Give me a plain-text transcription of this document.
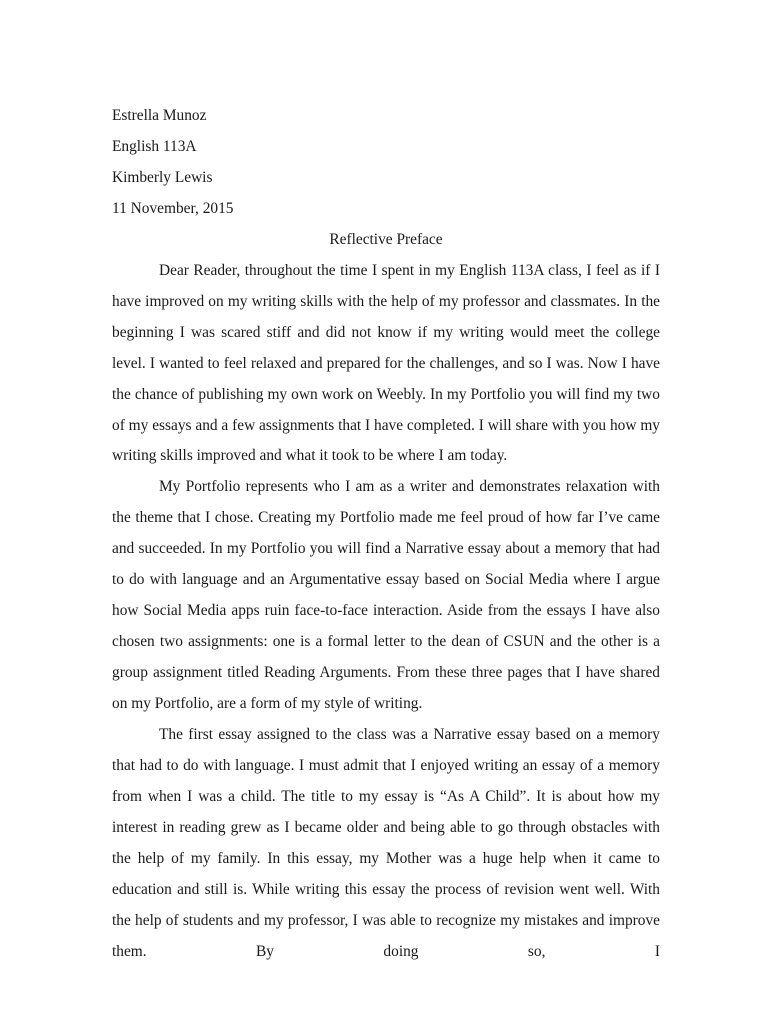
Estrella Munoz

English 113A

Kimberly Lewis

11 November, 2015

Reflective Preface

Dear Reader, throughout the time I spent in my English 113A class, I feel as if I have improved on my writing skills with the help of my professor and classmates. In the beginning I was scared stiff and did not know if my writing would meet the college level. I wanted to feel relaxed and prepared for the challenges, and so I was. Now I have the chance of publishing my own work on Weebly. In my Portfolio you will find my two of my essays and a few assignments that I have completed. I will share with you how my writing skills improved and what it took to be where I am today.

My Portfolio represents who I am as a writer and demonstrates relaxation with the theme that I chose. Creating my Portfolio made me feel proud of how far I’ve came and succeeded. In my Portfolio you will find a Narrative essay about a memory that had to do with language and an Argumentative essay based on Social Media where I argue how Social Media apps ruin face-to-face interaction. Aside from the essays I have also chosen two assignments: one is a formal letter to the dean of CSUN and the other is a group assignment titled Reading Arguments. From these three pages that I have shared on my Portfolio, are a form of my style of writing.

The first essay assigned to the class was a Narrative essay based on a memory that had to do with language. I must admit that I enjoyed writing an essay of a memory from when I was a child. The title to my essay is “As A Child”. It is about how my interest in reading grew as I became older and being able to go through obstacles with the help of my family. In this essay, my Mother was a huge help when it came to education and still is. While writing this essay the process of revision went well. With the help of students and my professor, I was able to recognize my mistakes and improve them. By doing so, I
